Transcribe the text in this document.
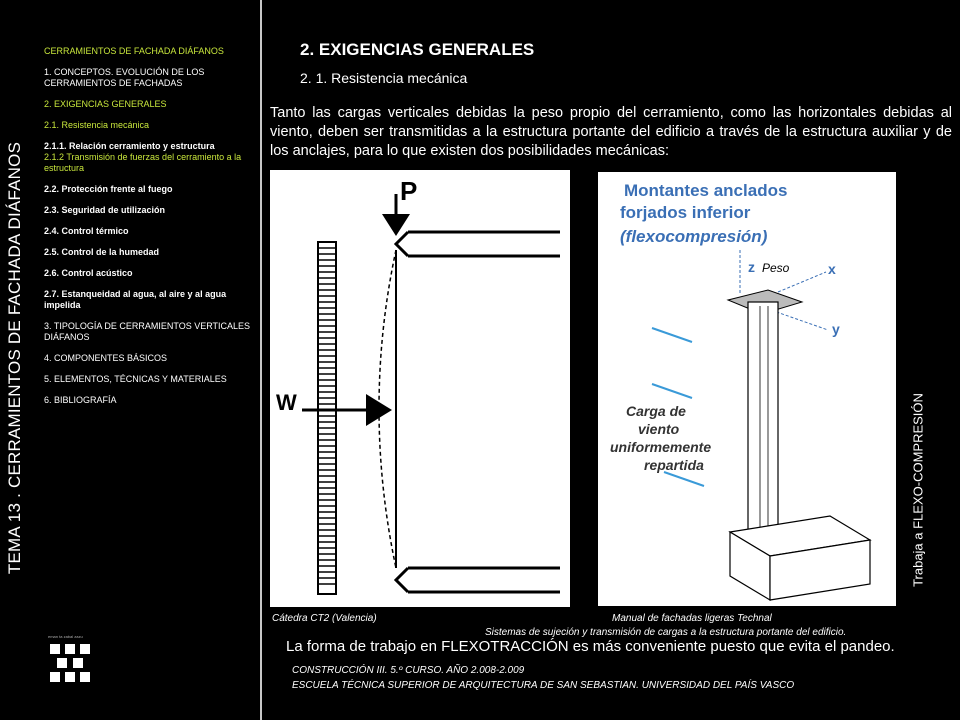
TEMA 13 . CERRAMIENTOS DE FACHADA DIÁFANOS
CERRAMIENTOS DE FACHADA DIÁFANOS
1. CONCEPTOS. EVOLUCIÓN DE LOS CERRAMIENTOS DE FACHADAS
2. EXIGENCIAS GENERALES
2.1. Resistencia mecánica
2.1.1. Relación cerramiento y estructura
2.1.2 Transmisión de fuerzas del cerramiento a la estructura
2.2. Protección frente al fuego
2.3. Seguridad de utilización
2.4. Control térmico
2.5. Control de la humedad
2.6. Control acústico
2.7. Estanqueidad al agua, al aire y al agua impelida
3. TIPOLOGÍA DE CERRAMIENTOS VERTICALES DIÁFANOS
4. COMPONENTES BÁSICOS
5. ELEMENTOS, TÉCNICAS Y MATERIALES
6. BIBLIOGRAFÍA
eman ta zabal zazu
2. EXIGENCIAS GENERALES
2. 1. Resistencia mecánica
Tanto las cargas verticales debidas la peso propio del cerramiento, como las horizontales debidas al viento, deben ser transmitidas a la estructura portante del edificio a través de la estructura auxiliar y de los anclajes, para lo que existen dos posibilidades mecánicas:
P
W
Montantes anclados
forjados inferior
(flexocompresión)
z Peso	x
y
Carga de
viento
uniformemente
repartida
Cátedra CT2 (Valencia)	Manual de fachadas ligeras Technal
Sistemas de sujeción y transmisión de cargas a la estructura portante del edificio.
Trabaja a FLEXO-COMPRESIÓN
La forma de trabajo en FLEXOTRACCIÓN es más conveniente puesto que evita el pandeo.
CONSTRUCCIÓN III. 5.º CURSO. AÑO 2.008-2.009
ESCUELA TÉCNICA SUPERIOR DE ARQUITECTURA DE SAN SEBASTIAN. UNIVERSIDAD DEL PAÍS VASCO
